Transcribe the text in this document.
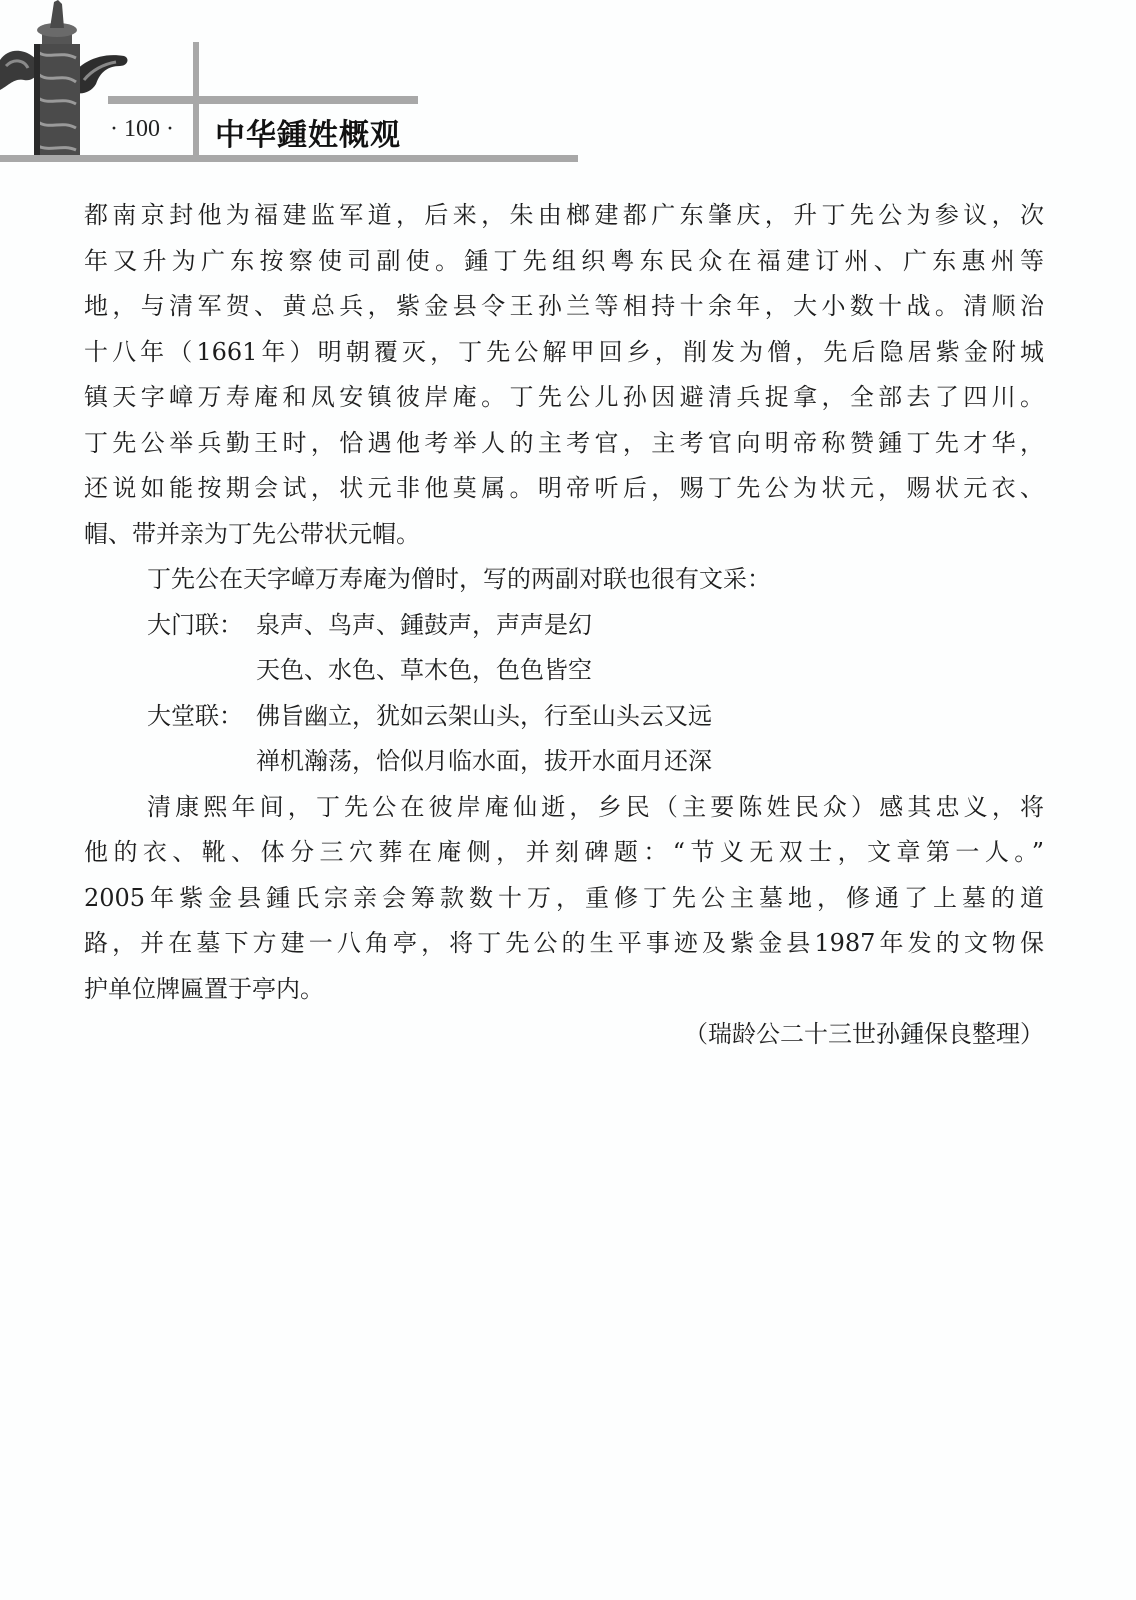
· 100 ·	中华鍾姓概观

都南京封他为福建监军道，后来，朱由榔建都广东肇庆，升丁先公为参议，次

年又升为广东按察使司副使。鍾丁先组织粤东民众在福建订州、广东惠州等

地，与清军贺、黄总兵，紫金县令王孙兰等相持十余年，大小数十战。清顺治

十八年（1661年）明朝覆灭，丁先公解甲回乡，削发为僧，先后隐居紫金附城

镇天字嶂万寿庵和凤安镇彼岸庵。丁先公儿孙因避清兵捉拿，全部去了四川。

丁先公举兵勤王时，恰遇他考举人的主考官，主考官向明帝称赞鍾丁先才华，

还说如能按期会试，状元非他莫属。明帝听后，赐丁先公为状元，赐状元衣、

帽、带并亲为丁先公带状元帽。

丁先公在天字嶂万寿庵为僧时，写的两副对联也很有文采：

大门联： 泉声、鸟声、鍾鼓声，声声是幻
天色、水色、草木色，色色皆空
大堂联： 佛旨幽立，犹如云架山头，行至山头云又远
禅机瀚荡，恰似月临水面，拔开水面月还深

清康熙年间，丁先公在彼岸庵仙逝，乡民（主要陈姓民众）感其忠义，将

他的衣、靴、体分三穴葬在庵侧，并刻碑题：“节义无双士，文章第一人。”

2005年紫金县鍾氏宗亲会筹款数十万，重修丁先公主墓地，修通了上墓的道

路，并在墓下方建一八角亭，将丁先公的生平事迹及紫金县1987年发的文物保

护单位牌匾置于亭内。

（瑞龄公二十三世孙鍾保良整理）
